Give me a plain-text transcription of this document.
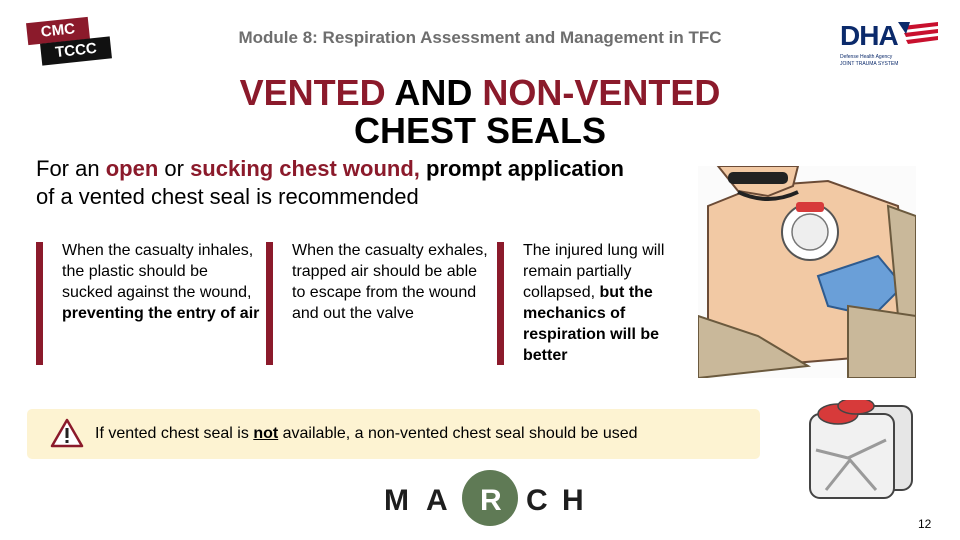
CMC
TCCC
Module 8: Respiration Assessment and Management in TFC	DHA
Defense Health Agency
JOINT TRAUMA SYSTEM
VENTED AND NON-VENTED
CHEST SEALS
For an open or sucking chest wound, prompt application
of a vented chest seal is recommended
When the casualty inhales, the plastic should be sucked against the wound, preventing the entry of air
When the casualty exhales, trapped air should be able to escape from the wound and out the valve
The injured lung will remain partially collapsed, but the mechanics of respiration will be better
If vented chest seal is not available, a non-vented chest seal should be used
M A R C H
12
